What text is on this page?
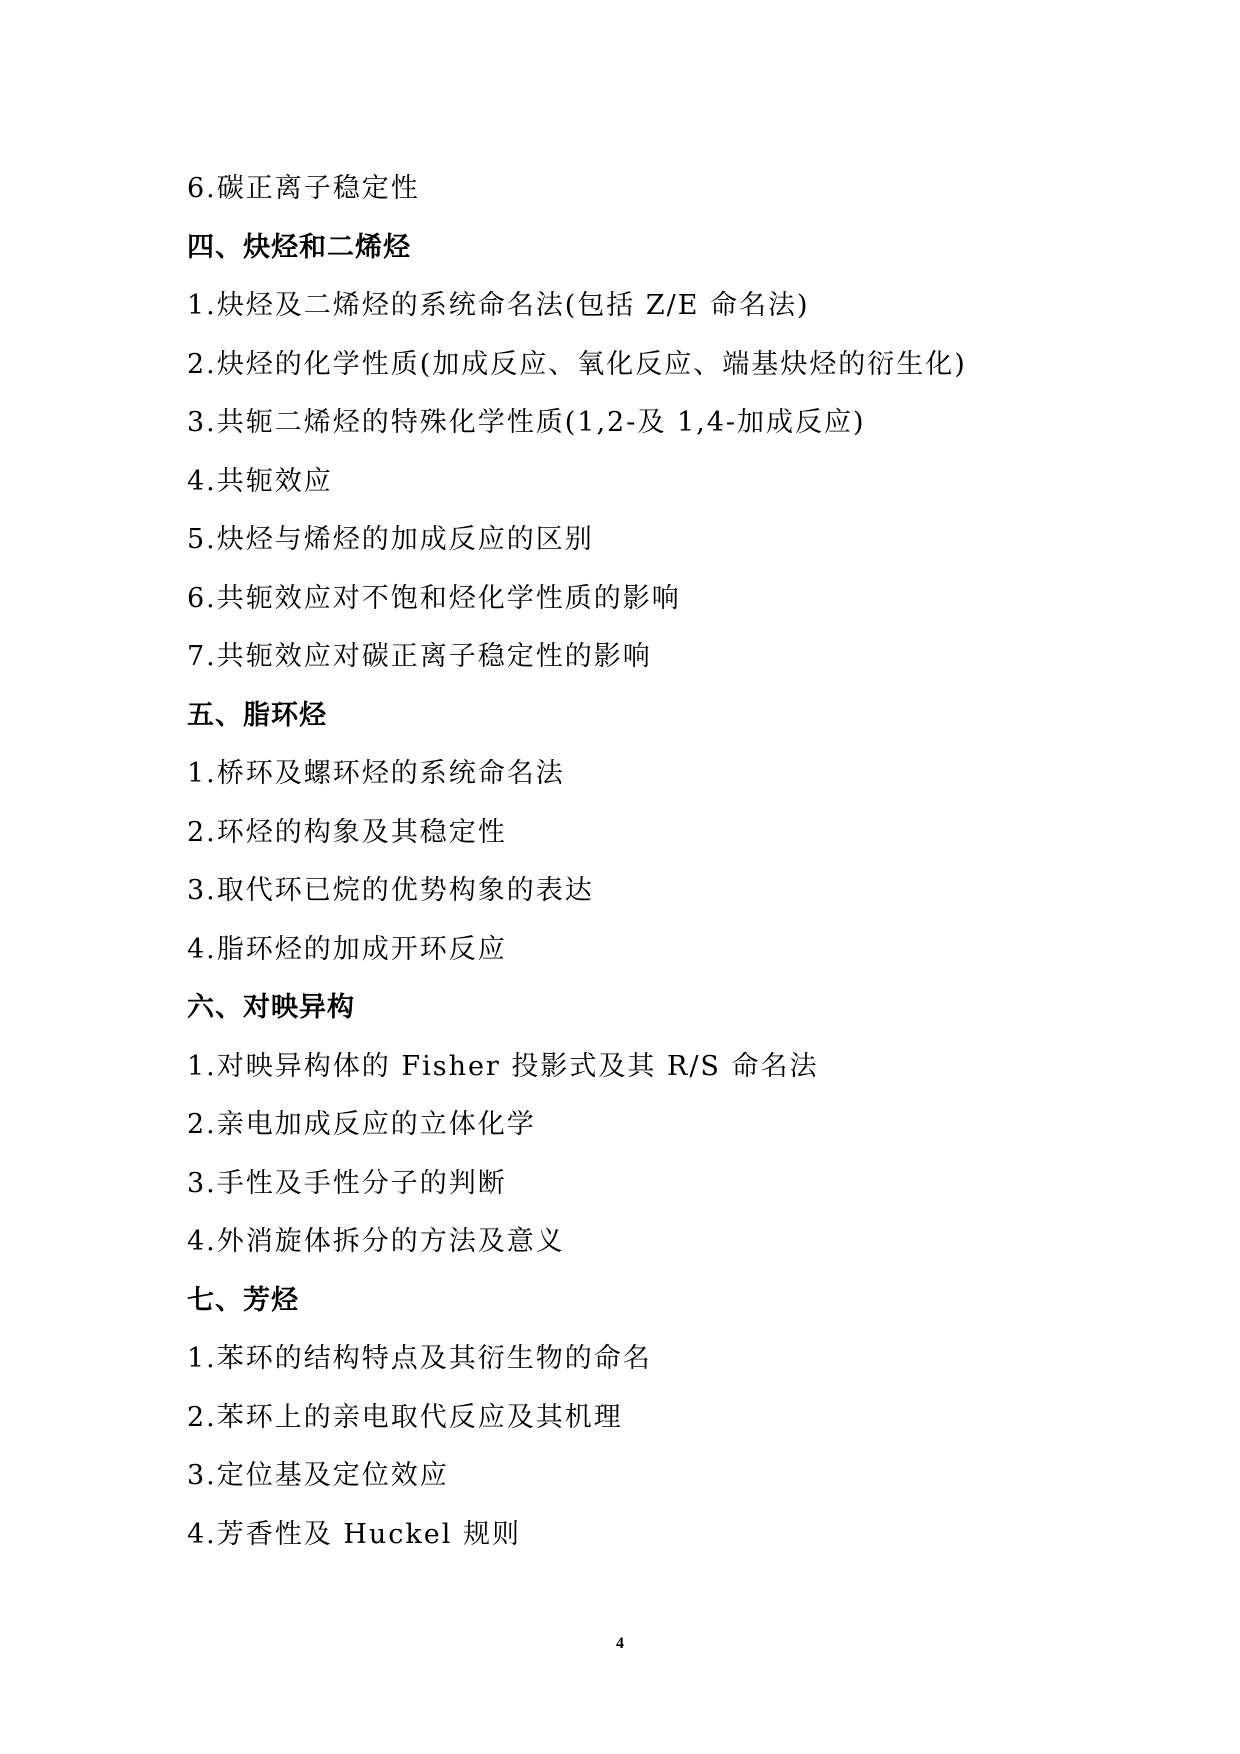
6.碳正离子稳定性
四、炔烃和二烯烃
1.炔烃及二烯烃的系统命名法(包括 Z/E 命名法)
2.炔烃的化学性质(加成反应、氧化反应、端基炔烃的衍生化)
3.共轭二烯烃的特殊化学性质(1,2-及 1,4-加成反应)
4.共轭效应
5.炔烃与烯烃的加成反应的区别
6.共轭效应对不饱和烃化学性质的影响
7.共轭效应对碳正离子稳定性的影响
五、脂环烃
1.桥环及螺环烃的系统命名法
2.环烃的构象及其稳定性
3.取代环已烷的优势构象的表达
4.脂环烃的加成开环反应
六、对映异构
1.对映异构体的 Fisher 投影式及其 R/S 命名法
2.亲电加成反应的立体化学
3.手性及手性分子的判断
4.外消旋体拆分的方法及意义
七、芳烃
1.苯环的结构特点及其衍生物的命名
2.苯环上的亲电取代反应及其机理
3.定位基及定位效应
4.芳香性及 Huckel 规则
4
